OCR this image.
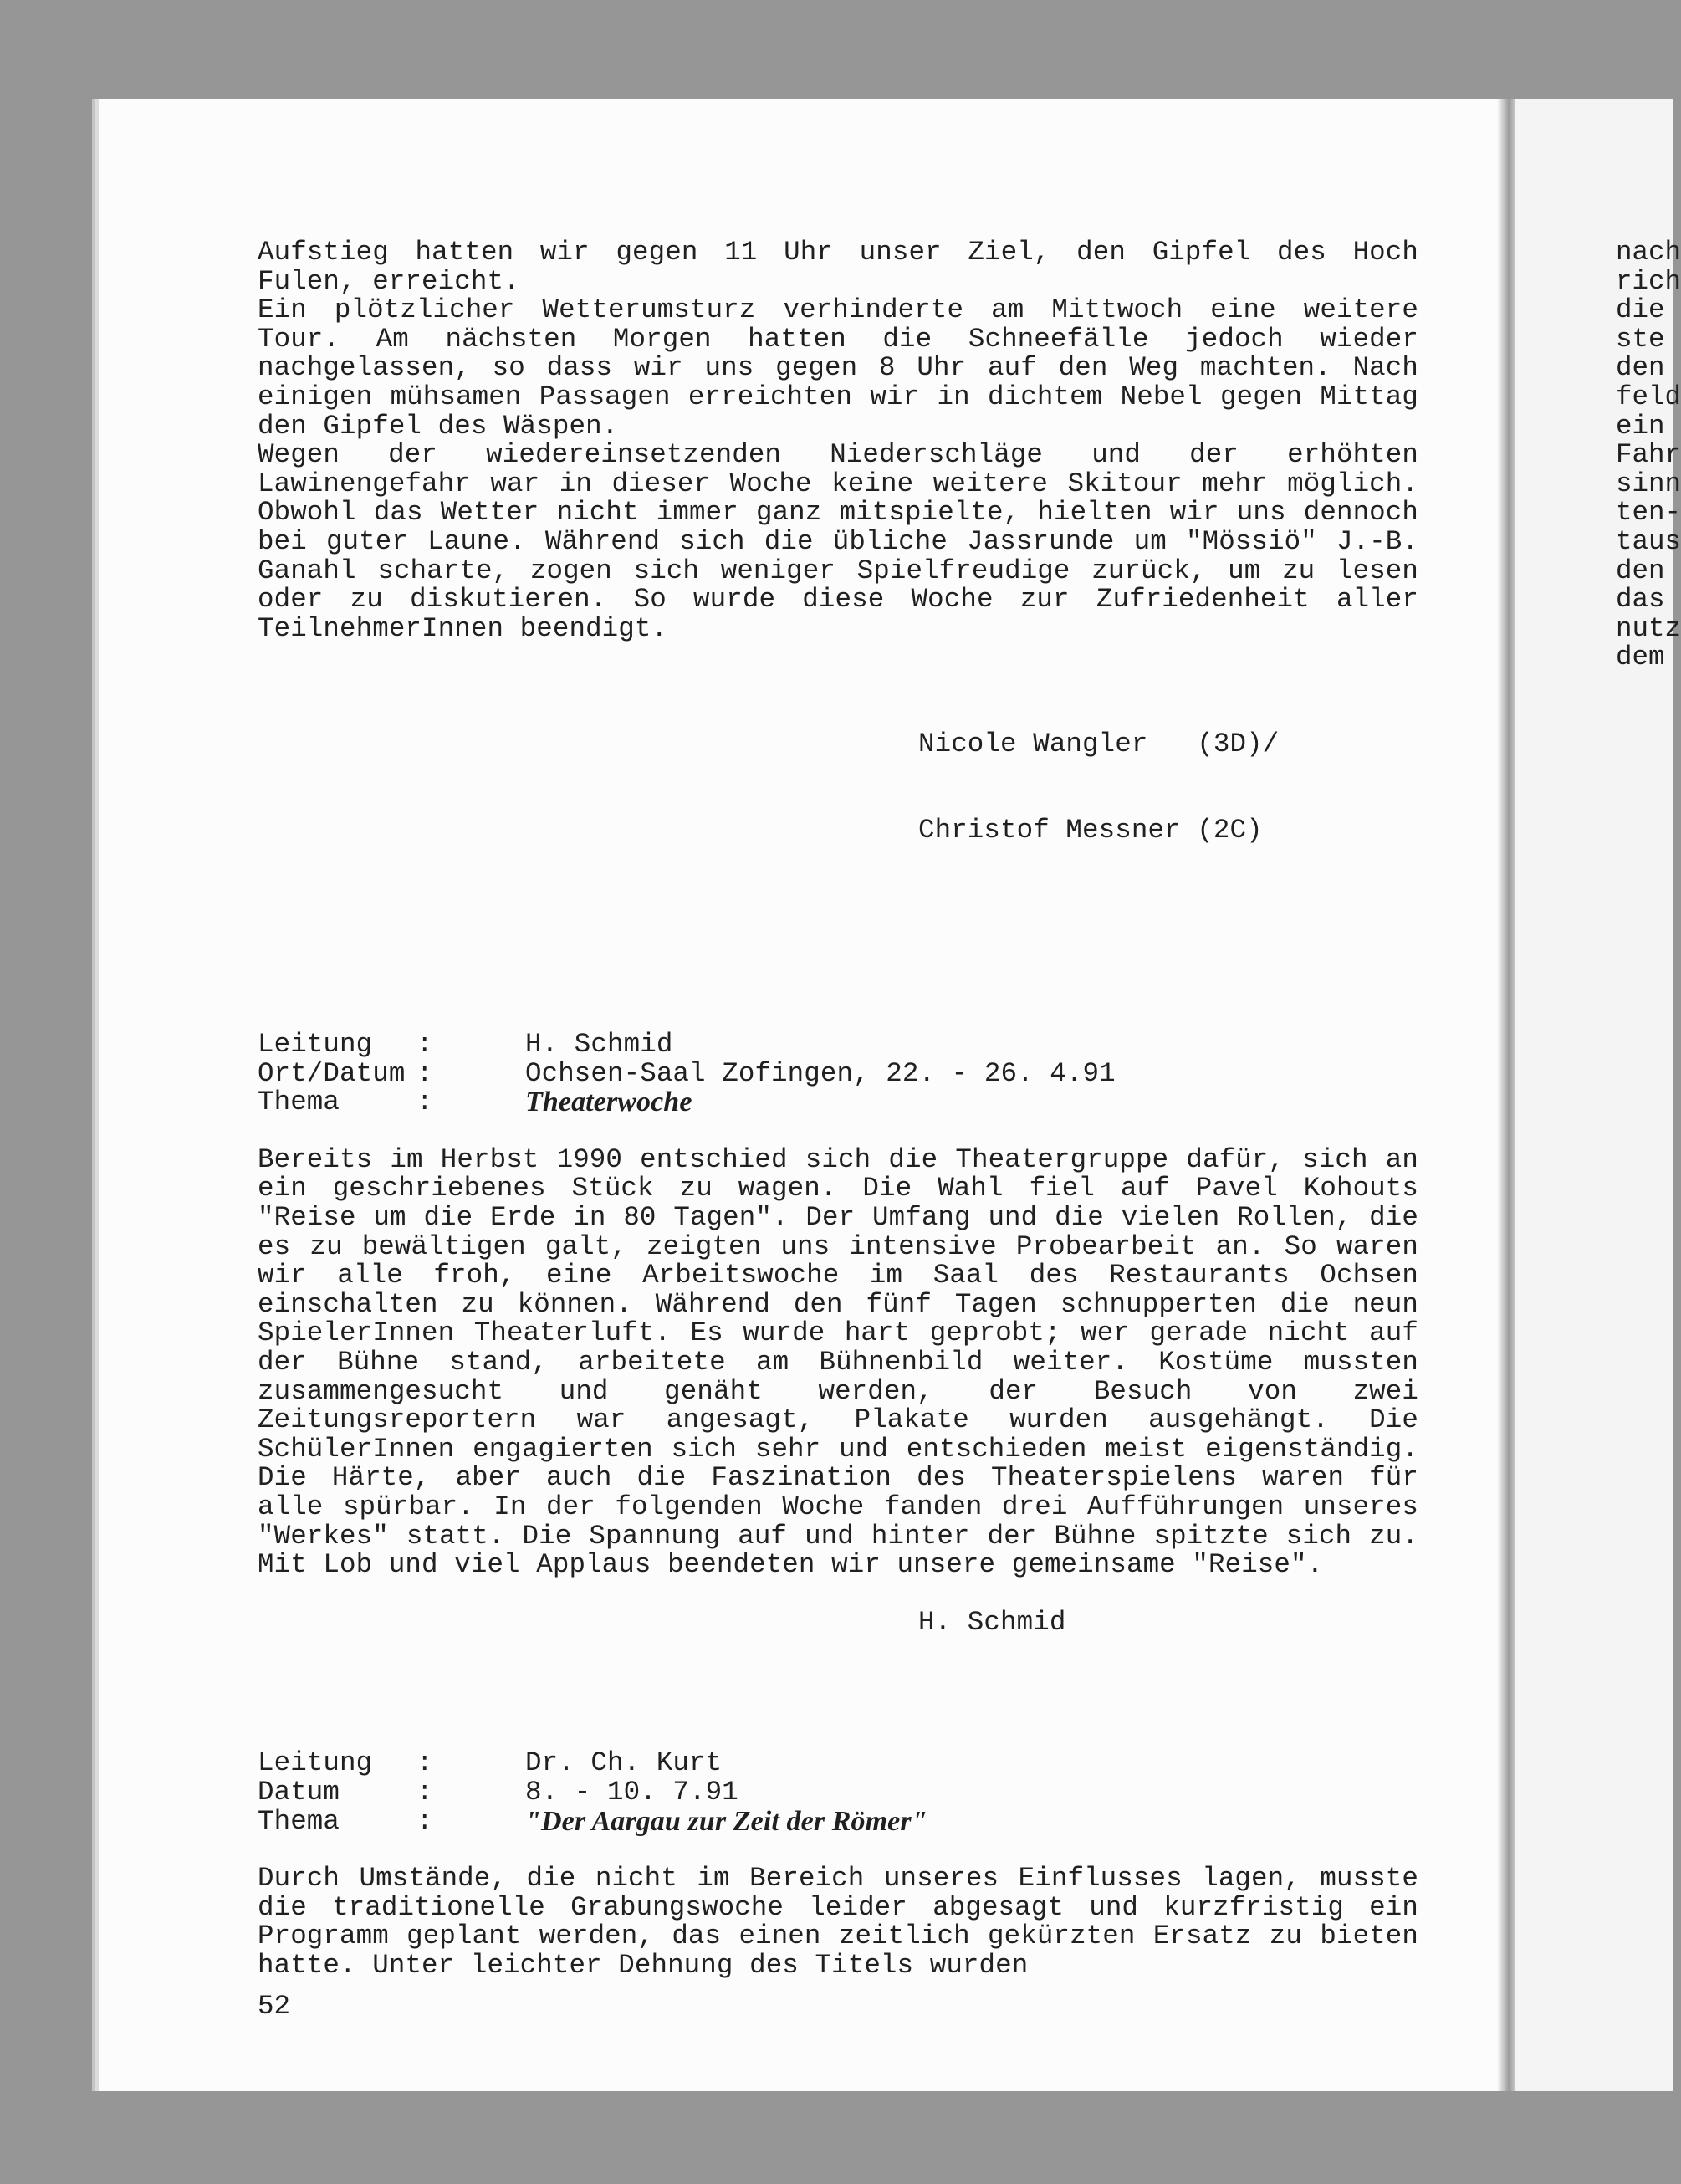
nach
rich
die
ste
den
feld
ein
Fahr
sinn
ten-
taus
den
das
nutz
dem

Aufstieg hatten wir gegen 11 Uhr unser Ziel, den Gipfel des Hoch Fulen, erreicht.

Ein plötzlicher Wetterumsturz verhinderte am Mittwoch eine weitere Tour. Am nächsten Morgen hatten die Schneefälle jedoch wieder nachgelassen, so dass wir uns gegen 8 Uhr auf den Weg machten. Nach einigen mühsamen Passagen erreichten wir in dichtem Nebel gegen Mittag den Gipfel des Wäspen.

Wegen der wiedereinsetzenden Niederschläge und der erhöhten Lawinengefahr war in dieser Woche keine weitere Skitour mehr möglich. Obwohl das Wetter nicht immer ganz mitspielte, hielten wir uns dennoch bei guter Laune. Während sich die übliche Jassrunde um "Mössiö" J.-B. Ganahl scharte, zogen sich weniger Spielfreudige zurück, um zu lesen oder zu diskutieren. So wurde diese Woche zur Zufriedenheit aller TeilnehmerInnen beendigt.

Nicole Wangler   (3D)/

Christof Messner (2C)

Leitung	:	H. Schmid
Ort/Datum :	Ochsen-Saal Zofingen, 22. - 26. 4.91
Thema	:	Theaterwoche

Bereits im Herbst 1990 entschied sich die Theatergruppe dafür, sich an ein geschriebenes Stück zu wagen. Die Wahl fiel auf Pavel Kohouts "Reise um die Erde in 80 Tagen". Der Umfang und die vielen Rollen, die es zu bewältigen galt, zeigten uns intensive Probearbeit an. So waren wir alle froh, eine Arbeitswoche im Saal des Restaurants Ochsen einschalten zu können. Während den fünf Tagen schnupperten die neun SpielerInnen Theaterluft. Es wurde hart geprobt; wer gerade nicht auf der Bühne stand, arbeitete am Bühnenbild weiter. Kostüme mussten zusammengesucht und genäht werden, der Besuch von zwei Zeitungsreportern war angesagt, Plakate wurden ausgehängt. Die SchülerInnen engagierten sich sehr und entschieden meist eigenständig. Die Härte, aber auch die Faszination des Theaterspielens waren für alle spürbar. In der folgenden Woche fanden drei Aufführungen unseres "Werkes" statt. Die Spannung auf und hinter der Bühne spitzte sich zu. Mit Lob und viel Applaus beendeten wir unsere gemeinsame "Reise".

H. Schmid
Leitung	:	Dr. Ch. Kurt
Datum	:	8. - 10. 7.91
Thema	:	"Der Aargau zur Zeit der Römer"

Durch Umstände, die nicht im Bereich unseres Einflusses lagen, musste die traditionelle Grabungswoche leider abgesagt und kurzfristig ein Programm geplant werden, das einen zeitlich gekürzten Ersatz zu bieten hatte. Unter leichter Dehnung des Titels wurden

52
